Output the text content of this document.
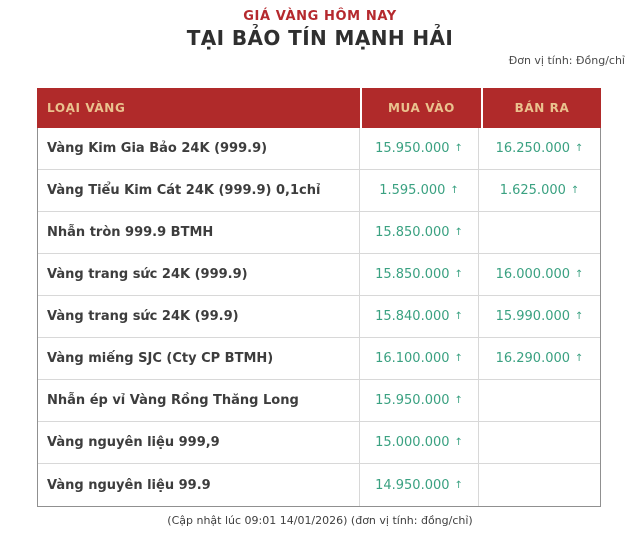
GIÁ VÀNG HÔM NAY
TẠI BẢO TÍN MẠNH HẢI
Đơn vị tính: Đồng/chỉ
LOẠI VÀNG	MUA VÀO	BÁN RA
Vàng Kim Gia Bảo 24K (999.9)	15.950.000 ↑	16.250.000 ↑
Vàng Tiểu Kim Cát 24K (999.9) 0,1chỉ	1.595.000 ↑	1.625.000 ↑
Nhẫn tròn 999.9 BTMH	15.850.000 ↑
Vàng trang sức 24K (999.9)	15.850.000 ↑	16.000.000 ↑
Vàng trang sức 24K (99.9)	15.840.000 ↑	15.990.000 ↑
Vàng miếng SJC (Cty CP BTMH)	16.100.000 ↑	16.290.000 ↑
Nhẫn ép vỉ Vàng Rồng Thăng Long	15.950.000 ↑
Vàng nguyên liệu 999,9	15.000.000 ↑
Vàng nguyên liệu 99.9	14.950.000 ↑
(Cập nhật lúc 09:01 14/01/2026) (đơn vị tính: đồng/chỉ)
